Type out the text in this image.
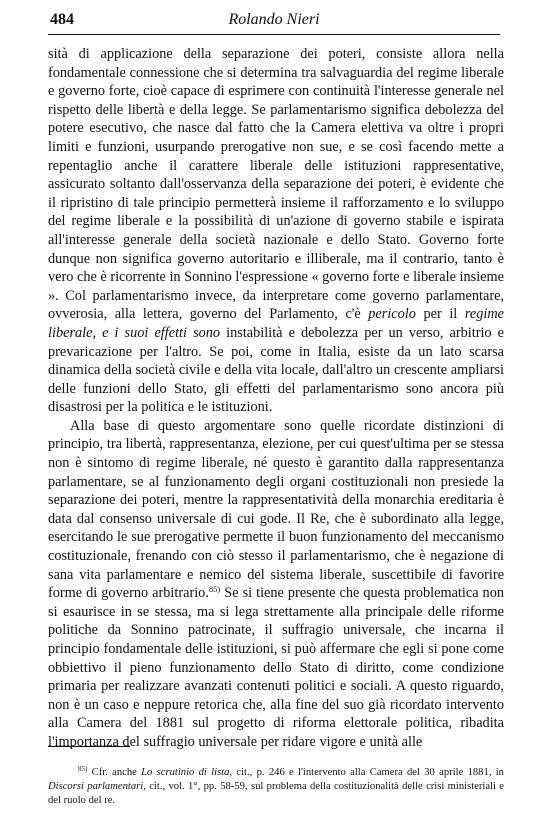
484	Rolando Nieri

sità di applicazione della separazione dei poteri, consiste allora nella fondamentale connessione che si determina tra salvaguardia del regime liberale e governo forte, cioè capace di esprimere con continuità l'interesse generale nel rispetto delle libertà e della legge. Se parlamentarismo significa debolezza del potere esecutivo, che nasce dal fatto che la Camera elettiva va oltre i propri limiti e funzioni, usurpando prerogative non sue, e se così facendo mette a repentaglio anche il carattere liberale delle istituzioni rappresentative, assicurato soltanto dall'osservanza della separazione dei poteri, è evidente che il ripristino di tale principio permetterà insieme il rafforzamento e lo sviluppo del regime liberale e la possibilità di un'azione di governo stabile e ispirata all'interesse generale della società nazionale e dello Stato. Governo forte dunque non significa governo autoritario e illiberale, ma il contrario, tanto è vero che è ricorrente in Sonnino l'espressione « governo forte e liberale insieme ». Col parlamentarismo invece, da interpretare come governo parlamentare, ovverosia, alla lettera, governo del Parlamento, c'è pericolo per il regime liberale, e i suoi effetti sono instabilità e debolezza per un verso, arbitrio e prevaricazione per l'altro. Se poi, come in Italia, esiste da un lato scarsa dinamica della società civile e della vita locale, dall'altro un crescente ampliarsi delle funzioni dello Stato, gli effetti del parlamentarismo sono ancora più disastrosi per la politica e le istituzioni.

Alla base di questo argomentare sono quelle ricordate distinzioni di principio, tra libertà, rappresentanza, elezione, per cui quest'ultima per se stessa non è sintomo di regime liberale, né questo è garantito dalla rappresentanza parlamentare, se al funzionamento degli organi costituzionali non presiede la separazione dei poteri, mentre la rappresentatività della monarchia ereditaria è data dal consenso universale di cui gode. Il Re, che è subordinato alla legge, esercitando le sue prerogative permette il buon funzionamento del meccanismo costituzionale, frenando con ciò stesso il parlamentarismo, che è negazione di sana vita parlamentare e nemico del sistema liberale, suscettibile di favorire forme di governo arbitrario.$^{85)}$ Se si tiene presente che questa problematica non si esaurisce in se stessa, ma si lega strettamente alla principale delle riforme politiche da Sonnino patrocinate, il suffragio universale, che incarna il principio fondamentale delle istituzioni, si può affermare che egli si pone come obbiettivo il pieno funzionamento dello Stato di diritto, come condizione primaria per realizzare avanzati contenuti politici e sociali. A questo riguardo, non è un caso e neppure retorica che, alla fine del suo già ricordato intervento alla Camera del 1881 sul progetto di riforma elettorale politica, ribadita l'importanza del suffragio universale per ridare vigore e unità alle

$^{85)}$ Cfr. anche Lo scrutinio di lista, cit., p. 246 e l'intervento alla Camera del 30 aprile 1881, in Discorsi parlamentari, cit., vol. 1°, pp. 58-59, sul problema della costituzionalità delle crisi ministeriali e del ruolo del re.
